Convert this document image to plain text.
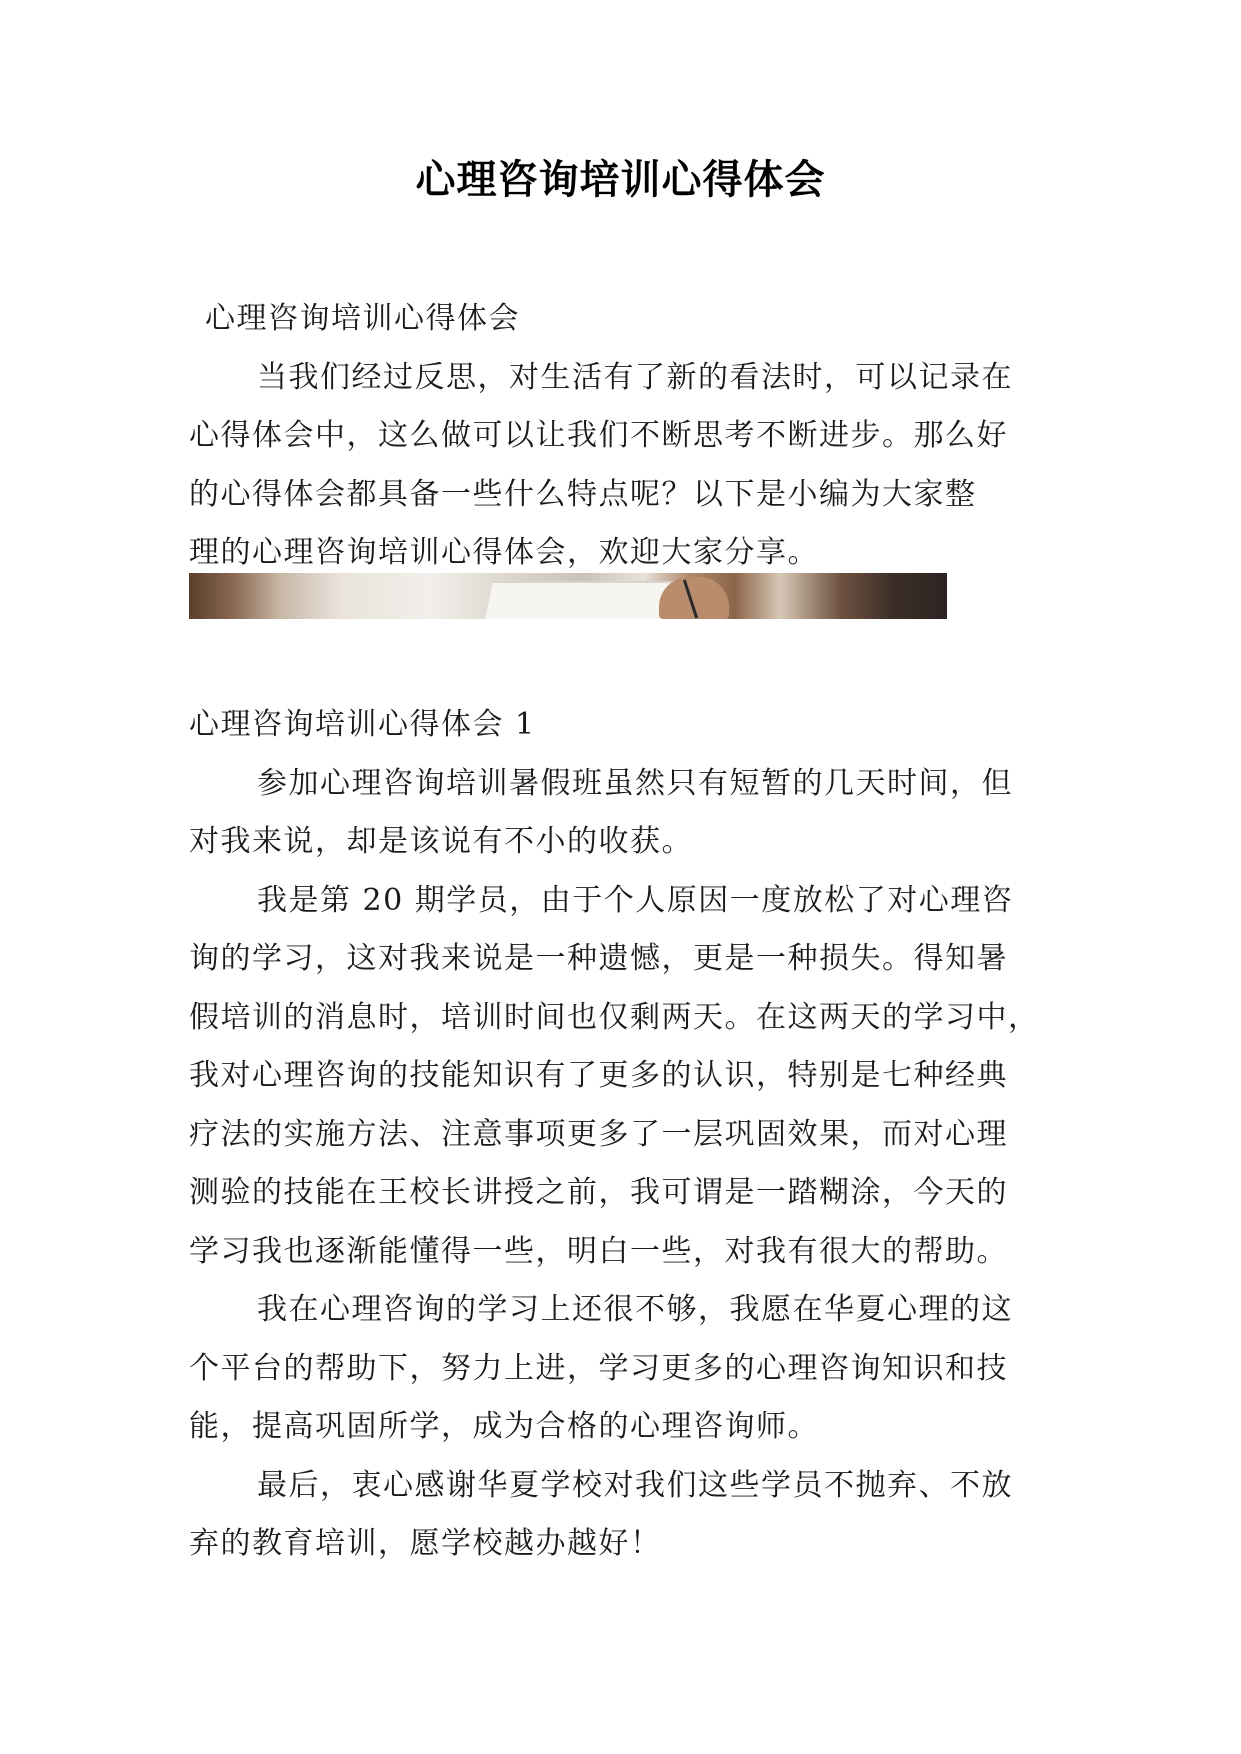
心理咨询培训心得体会
心理咨询培训心得体会
当我们经过反思，对生活有了新的看法时，可以记录在
心得体会中，这么做可以让我们不断思考不断进步。那么好
的心得体会都具备一些什么特点呢？以下是小编为大家整
理的心理咨询培训心得体会，欢迎大家分享。
心理咨询培训心得体会 1
参加心理咨询培训暑假班虽然只有短暂的几天时间，但
对我来说，却是该说有不小的收获。
我是第 20 期学员，由于个人原因一度放松了对心理咨
询的学习，这对我来说是一种遗憾，更是一种损失。得知暑
假培训的消息时，培训时间也仅剩两天。在这两天的学习中，
我对心理咨询的技能知识有了更多的认识，特别是七种经典
疗法的实施方法、注意事项更多了一层巩固效果，而对心理
测验的技能在王校长讲授之前，我可谓是一踏糊涂，今天的
学习我也逐渐能懂得一些，明白一些，对我有很大的帮助。
我在心理咨询的学习上还很不够，我愿在华夏心理的这
个平台的帮助下，努力上进，学习更多的心理咨询知识和技
能，提高巩固所学，成为合格的心理咨询师。
最后，衷心感谢华夏学校对我们这些学员不抛弃、不放
弃的教育培训，愿学校越办越好！
